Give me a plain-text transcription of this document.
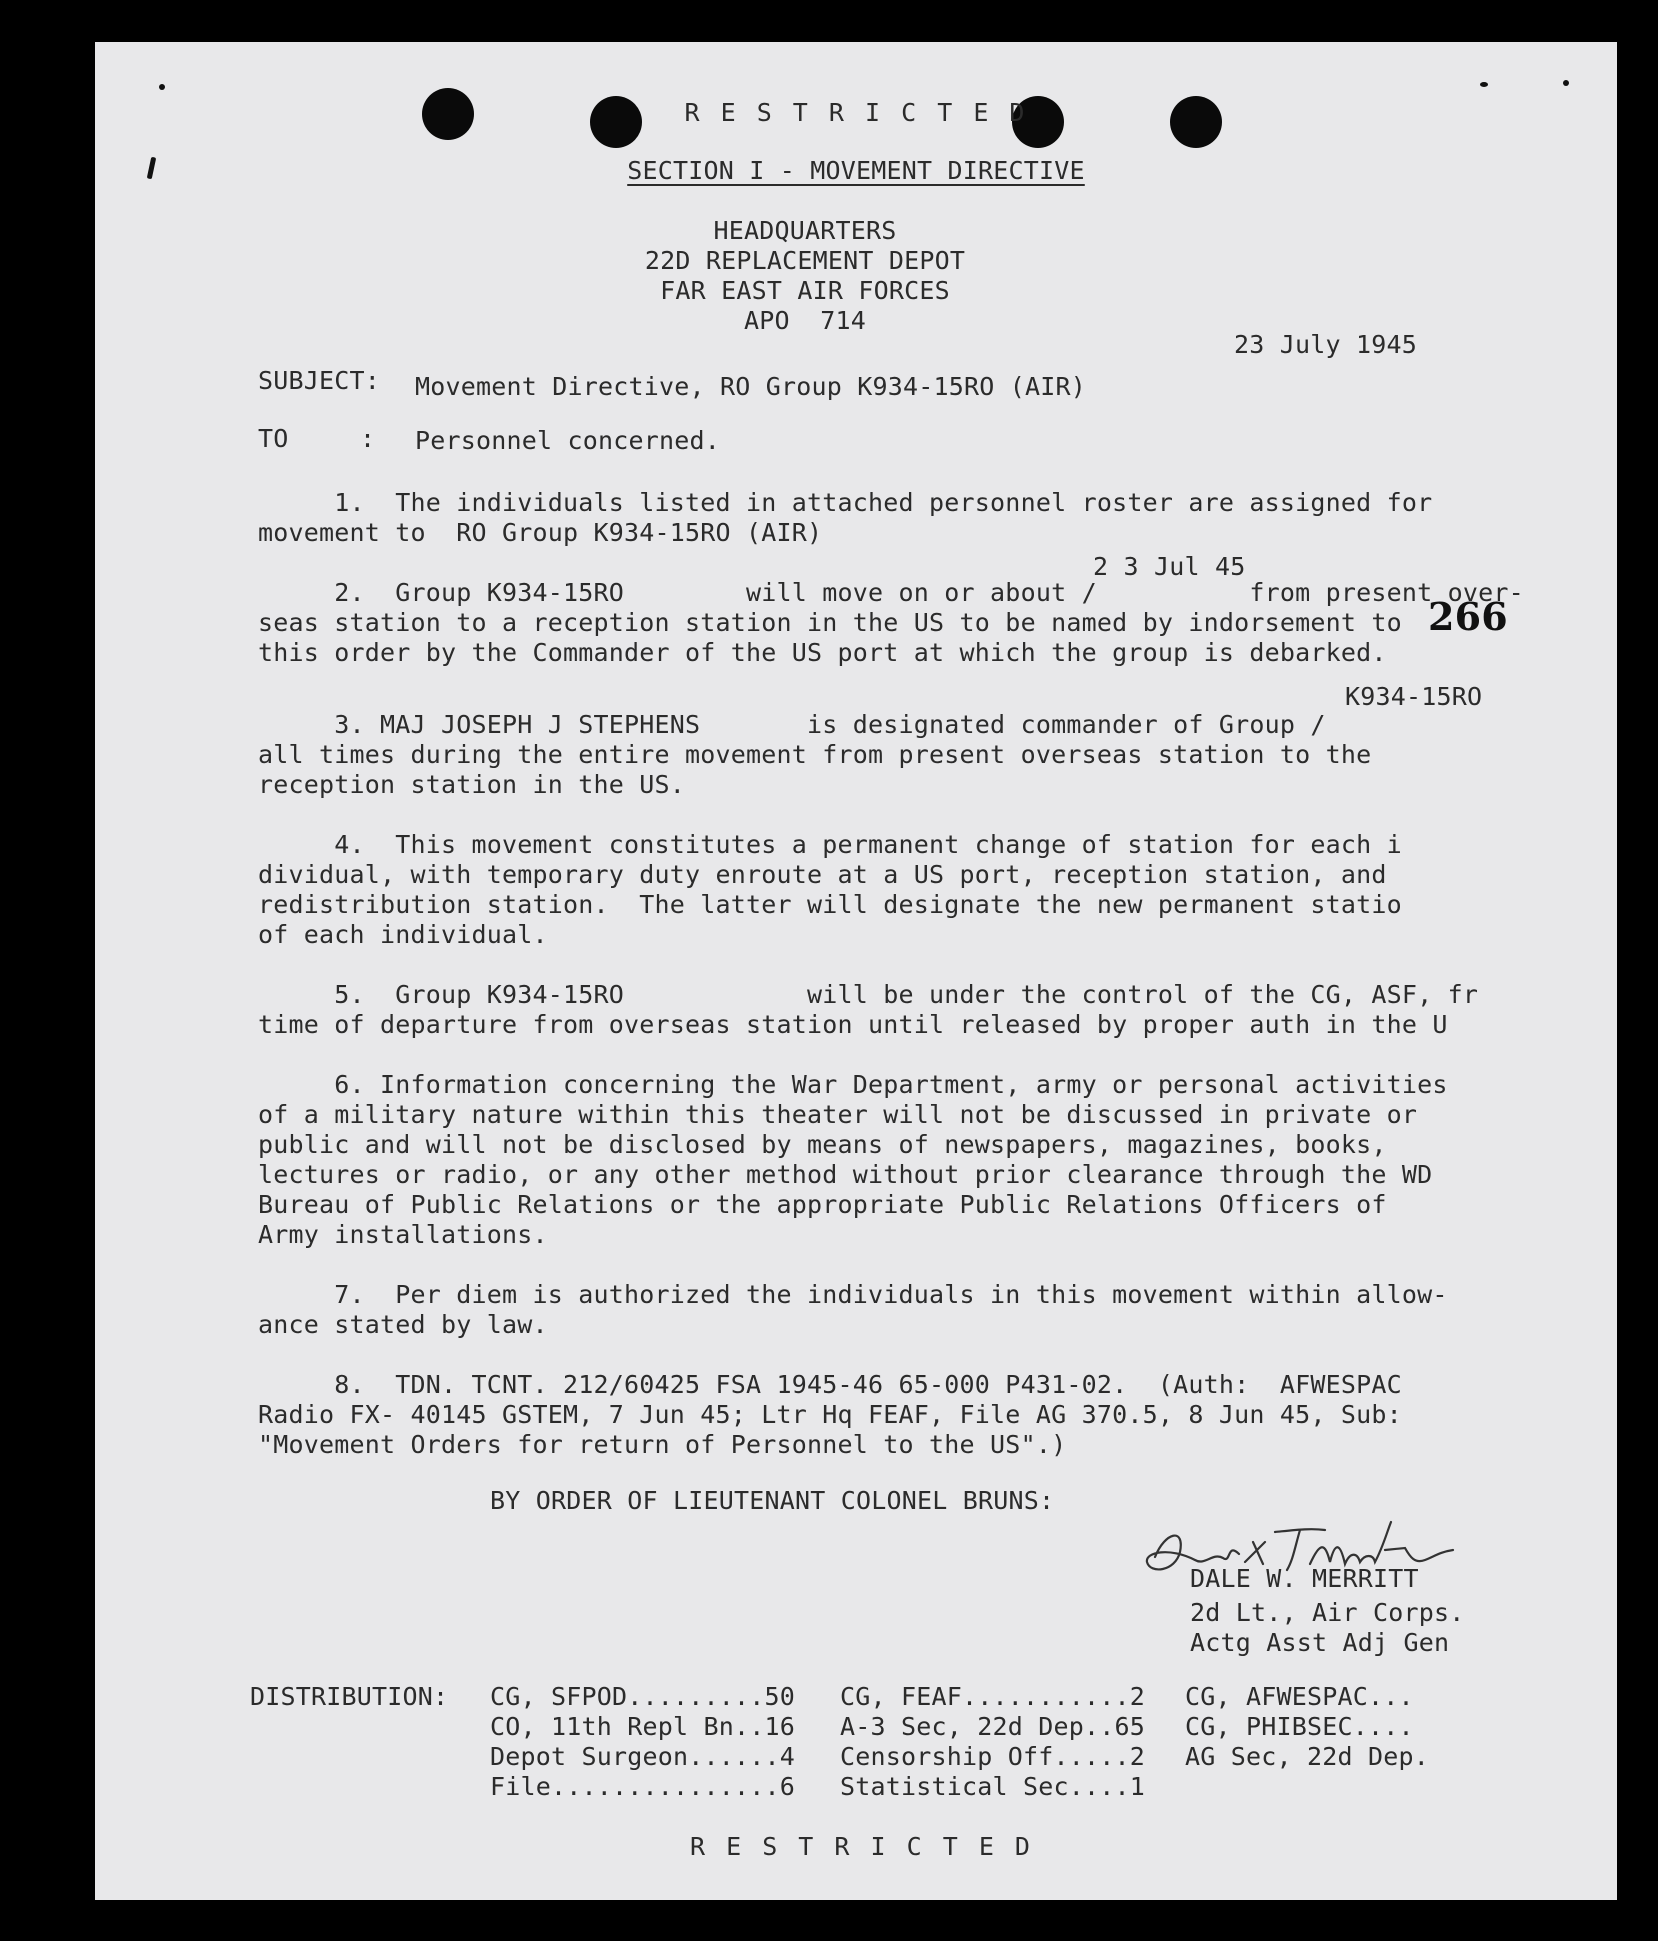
R E S T R I C T E D
SECTION I - MOVEMENT DIRECTIVE
HEADQUARTERS
22D REPLACEMENT DEPOT
FAR EAST AIR FORCES
APO  714
23 July 1945
SUBJECT: Movement Directive, RO Group K934-15RO (AIR)
TO	: Personnel concerned.
1.  The individuals listed in attached personnel roster are assigned for
movement to  RO Group K934-15RO (AIR)
2 3 Jul 45
2.  Group K934-15RO        will move on or about /          from present over-
seas station to a reception station in the US to be named by indorsement to
this order by the Commander of the US port at which the group is debarked.
266
K934-15RO
3. MAJ JOSEPH J STEPHENS       is designated commander of Group /
all times during the entire movement from present overseas station to the
reception station in the US.
4.  This movement constitutes a permanent change of station for each i
dividual, with temporary duty enroute at a US port, reception station, and
redistribution station.  The latter will designate the new permanent statio
of each individual.
5.  Group K934-15RO            will be under the control of the CG, ASF, fr
time of departure from overseas station until released by proper auth in the U
6. Information concerning the War Department, army or personal activities
of a military nature within this theater will not be discussed in private or
public and will not be disclosed by means of newspapers, magazines, books,
lectures or radio, or any other method without prior clearance through the WD
Bureau of Public Relations or the appropriate Public Relations Officers of
Army installations.
7.  Per diem is authorized the individuals in this movement within allow-
ance stated by law.
8.  TDN. TCNT. 212/60425 FSA 1945-46 65-000 P431-02.  (Auth:  AFWESPAC
Radio FX- 40145 GSTEM, 7 Jun 45; Ltr Hq FEAF, File AG 370.5, 8 Jun 45, Sub:
"Movement Orders for return of Personnel to the US".)
BY ORDER OF LIEUTENANT COLONEL BRUNS:
DALE W. MERRITT
2d Lt., Air Corps.
Actg Asst Adj Gen
DISTRIBUTION: CG, SFPOD.........50
CO, 11th Repl Bn..16
Depot Surgeon......4
File...............6
CG, FEAF...........2
A-3 Sec, 22d Dep..65
Censorship Off.....2
Statistical Sec....1
CG, AFWESPAC...
CG, PHIBSEC....
AG Sec, 22d Dep.
R E S T R I C T E D
